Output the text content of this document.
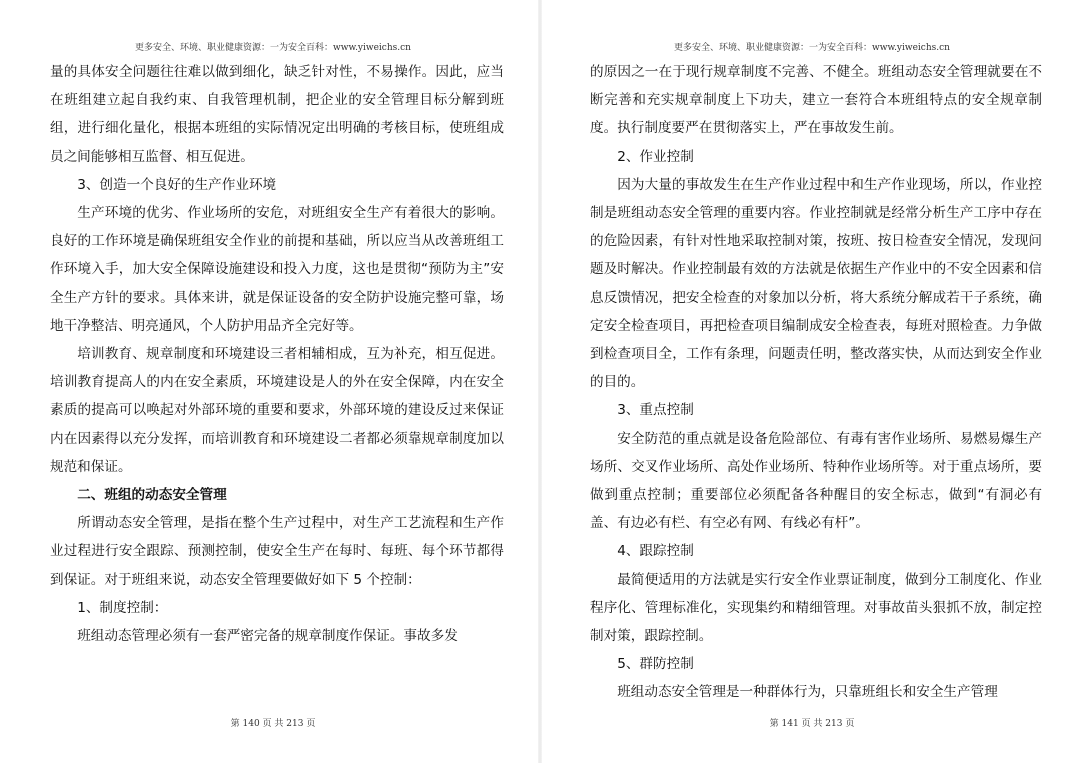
更多安全、环境、职业健康资源：一为安全百科：www.yiweichs.cn

量的具体安全问题往往难以做到细化，缺乏针对性，不易操作。因此，应当在班组建立起自我约束、自我管理机制，把企业的安全管理目标分解到班组，进行细化量化，根据本班组的实际情况定出明确的考核目标，使班组成员之间能够相互监督、相互促进。

3、创造一个良好的生产作业环境

生产环境的优劣、作业场所的安危，对班组安全生产有着很大的影响。良好的工作环境是确保班组安全作业的前提和基础，所以应当从改善班组工作环境入手，加大安全保障设施建设和投入力度，这也是贯彻“预防为主”安全生产方针的要求。具体来讲，就是保证设备的安全防护设施完整可靠，场地干净整洁、明亮通风，个人防护用品齐全完好等。

培训教育、规章制度和环境建设三者相辅相成，互为补充，相互促进。培训教育提高人的内在安全素质，环境建设是人的外在安全保障，内在安全素质的提高可以唤起对外部环境的重要和要求，外部环境的建设反过来保证内在因素得以充分发挥，而培训教育和环境建设二者都必须靠规章制度加以规范和保证。

二、班组的动态安全管理

所谓动态安全管理，是指在整个生产过程中，对生产工艺流程和生产作业过程进行安全跟踪、预测控制，使安全生产在每时、每班、每个环节都得到保证。对于班组来说，动态安全管理要做好如下 5 个控制：

1、制度控制：

班组动态管理必须有一套严密完备的规章制度作保证。事故多发

第 140 页 共 213 页
更多安全、环境、职业健康资源：一为安全百科：www.yiweichs.cn

的原因之一在于现行规章制度不完善、不健全。班组动态安全管理就要在不断完善和充实规章制度上下功夫，建立一套符合本班组特点的安全规章制度。执行制度要严在贯彻落实上，严在事故发生前。

2、作业控制

因为大量的事故发生在生产作业过程中和生产作业现场，所以，作业控制是班组动态安全管理的重要内容。作业控制就是经常分析生产工序中存在的危险因素，有针对性地采取控制对策，按班、按日检查安全情况，发现问题及时解决。作业控制最有效的方法就是依据生产作业中的不安全因素和信息反馈情况，把安全检查的对象加以分析，将大系统分解成若干子系统，确定安全检查项目，再把检查项目编制成安全检查表，每班对照检查。力争做到检查项目全，工作有条理，问题责任明，整改落实快，从而达到安全作业的目的。

3、重点控制

安全防范的重点就是设备危险部位、有毒有害作业场所、易燃易爆生产场所、交叉作业场所、高处作业场所、特种作业场所等。对于重点场所，要做到重点控制；重要部位必须配备各种醒目的安全标志，做到“有洞必有盖、有边必有栏、有空必有网、有线必有杆”。

4、跟踪控制

最简便适用的方法就是实行安全作业票证制度，做到分工制度化、作业程序化、管理标准化，实现集约和精细管理。对事故苗头狠抓不放，制定控制对策，跟踪控制。

5、群防控制

班组动态安全管理是一种群体行为，只靠班组长和安全生产管理

第 141 页 共 213 页
